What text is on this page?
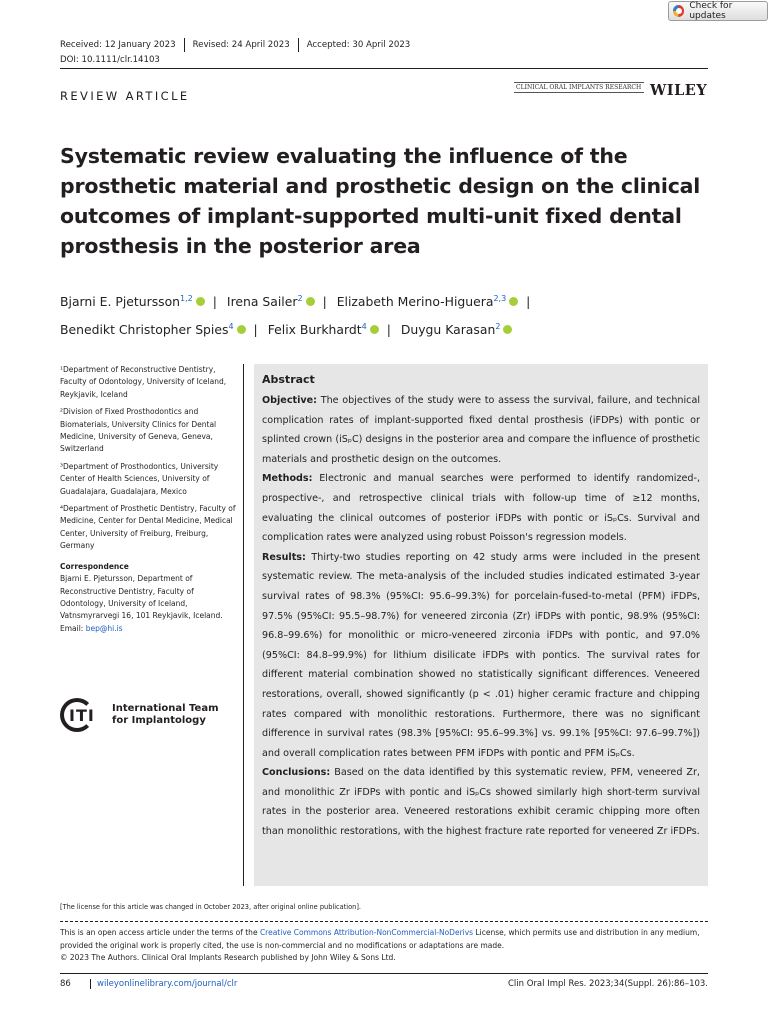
Check for updates
Received: 12 January 2023	Revised: 24 April 2023	Accepted: 30 April 2023
DOI: 10.1111/clr.14103
REVIEW ARTICLE
CLINICAL ORAL IMPLANTS RESEARCH WILEY
Systematic review evaluating the influence of the prosthetic material and prosthetic design on the clinical outcomes of implant-supported multi-unit fixed dental prosthesis in the posterior area
Bjarni E. Pjetursson$^{1,2}$ | Irena Sailer$^2$ | Elizabeth Merino-Higuera$^{2,3}$ |
Benedikt Christopher Spies$^4$ | Felix Burkhardt$^4$ | Duygu Karasan$^2$

¹Department of Reconstructive Dentistry, Faculty of Odontology, University of Iceland, Reykjavik, Iceland

²Division of Fixed Prosthodontics and Biomaterials, University Clinics for Dental Medicine, University of Geneva, Geneva, Switzerland

³Department of Prosthodontics, University Center of Health Sciences, University of Guadalajara, Guadalajara, Mexico

⁴Department of Prosthetic Dentistry, Faculty of Medicine, Center for Dental Medicine, Medical Center, University of Freiburg, Freiburg, Germany

Correspondence

Bjarni E. Pjetursson, Department of Reconstructive Dentistry, Faculty of Odontology, University of Iceland, Vatnsmyrarvegi 16, 101 Reykjavik, Iceland.

Email: bep@hi.is

ITI International Team
for Implantology
Abstract

Objective: The objectives of the study were to assess the survival, failure, and technical complication rates of implant-supported fixed dental prosthesis (iFDPs) with pontic or splinted crown (iSₚC) designs in the posterior area and compare the influence of prosthetic materials and prosthetic design on the outcomes.

Methods: Electronic and manual searches were performed to identify randomized-, prospective-, and retrospective clinical trials with follow-up time of ≥12 months, evaluating the clinical outcomes of posterior iFDPs with pontic or iSₚCs. Survival and complication rates were analyzed using robust Poisson's regression models.

Results: Thirty-two studies reporting on 42 study arms were included in the present systematic review. The meta-analysis of the included studies indicated estimated 3-year survival rates of 98.3% (95%CI: 95.6–99.3%) for porcelain-fused-to-metal (PFM) iFDPs, 97.5% (95%CI: 95.5–98.7%) for veneered zirconia (Zr) iFDPs with pontic, 98.9% (95%CI: 96.8–99.6%) for monolithic or micro-veneered zirconia iFDPs with pontic, and 97.0% (95%CI: 84.8–99.9%) for lithium disilicate iFDPs with pontics. The survival rates for different material combination showed no statistically significant differences. Veneered restorations, overall, showed significantly (p < .01) higher ceramic fracture and chipping rates compared with monolithic restorations. Furthermore, there was no significant difference in survival rates (98.3% [95%CI: 95.6–99.3%] vs. 99.1% [95%CI: 97.6–99.7%]) and overall complication rates between PFM iFDPs with pontic and PFM iSₚCs.

Conclusions: Based on the data identified by this systematic review, PFM, veneered Zr, and monolithic Zr iFDPs with pontic and iSₚCs showed similarly high short-term survival rates in the posterior area. Veneered restorations exhibit ceramic chipping more often than monolithic restorations, with the highest fracture rate reported for veneered Zr iFDPs.

[The license for this article was changed in October 2023, after original online publication].
This is an open access article under the terms of the Creative Commons Attribution-NonCommercial-NoDerivs License, which permits use and distribution in any medium, provided the original work is properly cited, the use is non-commercial and no modifications or adaptations are made.
© 2023 The Authors. Clinical Oral Implants Research published by John Wiley & Sons Ltd.
86	wileyonlinelibrary.com/journal/clr	Clin Oral Impl Res. 2023;34(Suppl. 26):86–103.
